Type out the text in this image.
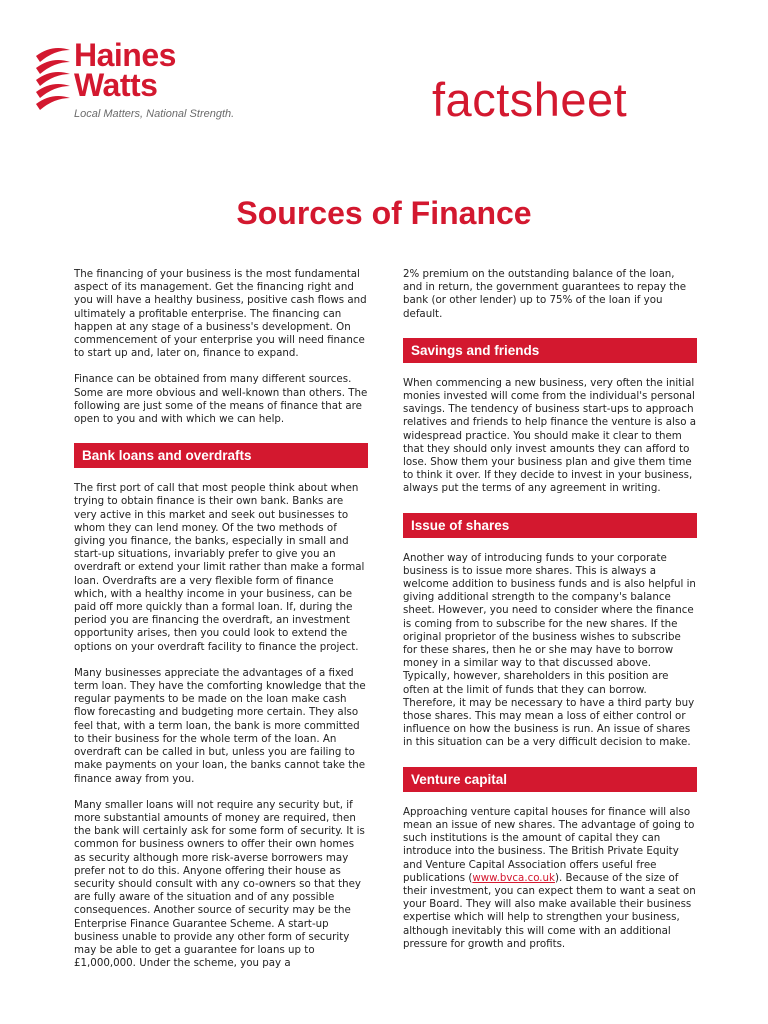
Haines
Watts
Local Matters, National Strength.	factsheet
Sources of Finance

The financing of your business is the most fundamental aspect of its management. Get the financing right and you will have a healthy business, positive cash flows and ultimately a profitable enterprise. The financing can happen at any stage of a business's development. On commencement of your enterprise you will need finance to start up and, later on, finance to expand.

Finance can be obtained from many different sources. Some are more obvious and well-known than others. The following are just some of the means of finance that are open to you and with which we can help.

Bank loans and overdrafts

The first port of call that most people think about when trying to obtain finance is their own bank. Banks are very active in this market and seek out businesses to whom they can lend money. Of the two methods of giving you finance, the banks, especially in small and start-up situations, invariably prefer to give you an overdraft or extend your limit rather than make a formal loan. Overdrafts are a very flexible form of finance which, with a healthy income in your business, can be paid off more quickly than a formal loan. If, during the period you are financing the overdraft, an investment opportunity arises, then you could look to extend the options on your overdraft facility to finance the project.

Many businesses appreciate the advantages of a fixed term loan. They have the comforting knowledge that the regular payments to be made on the loan make cash flow forecasting and budgeting more certain. They also feel that, with a term loan, the bank is more committed to their business for the whole term of the loan. An overdraft can be called in but, unless you are failing to make payments on your loan, the banks cannot take the finance away from you.

Many smaller loans will not require any security but, if more substantial amounts of money are required, then the bank will certainly ask for some form of security. It is common for business owners to offer their own homes as security although more risk-averse borrowers may prefer not to do this. Anyone offering their house as security should consult with any co-owners so that they are fully aware of the situation and of any possible consequences. Another source of security may be the Enterprise Finance Guarantee Scheme. A start-up business unable to provide any other form of security may be able to get a guarantee for loans up to £1,000,000. Under the scheme, you pay a

2% premium on the outstanding balance of the loan, and in return, the government guarantees to repay the bank (or other lender) up to 75% of the loan if you default.

Savings and friends

When commencing a new business, very often the initial monies invested will come from the individual's personal savings. The tendency of business start-ups to approach relatives and friends to help finance the venture is also a widespread practice. You should make it clear to them that they should only invest amounts they can afford to lose. Show them your business plan and give them time to think it over. If they decide to invest in your business, always put the terms of any agreement in writing.

Issue of shares

Another way of introducing funds to your corporate business is to issue more shares. This is always a welcome addition to business funds and is also helpful in giving additional strength to the company's balance sheet. However, you need to consider where the finance is coming from to subscribe for the new shares. If the original proprietor of the business wishes to subscribe for these shares, then he or she may have to borrow money in a similar way to that discussed above. Typically, however, shareholders in this position are often at the limit of funds that they can borrow. Therefore, it may be necessary to have a third party buy those shares. This may mean a loss of either control or influence on how the business is run. An issue of shares in this situation can be a very difficult decision to make.

Venture capital

Approaching venture capital houses for finance will also mean an issue of new shares. The advantage of going to such institutions is the amount of capital they can introduce into the business. The British Private Equity and Venture Capital Association offers useful free publications (www.bvca.co.uk). Because of the size of their investment, you can expect them to want a seat on your Board. They will also make available their business expertise which will help to strengthen your business, although inevitably this will come with an additional pressure for growth and profits.
